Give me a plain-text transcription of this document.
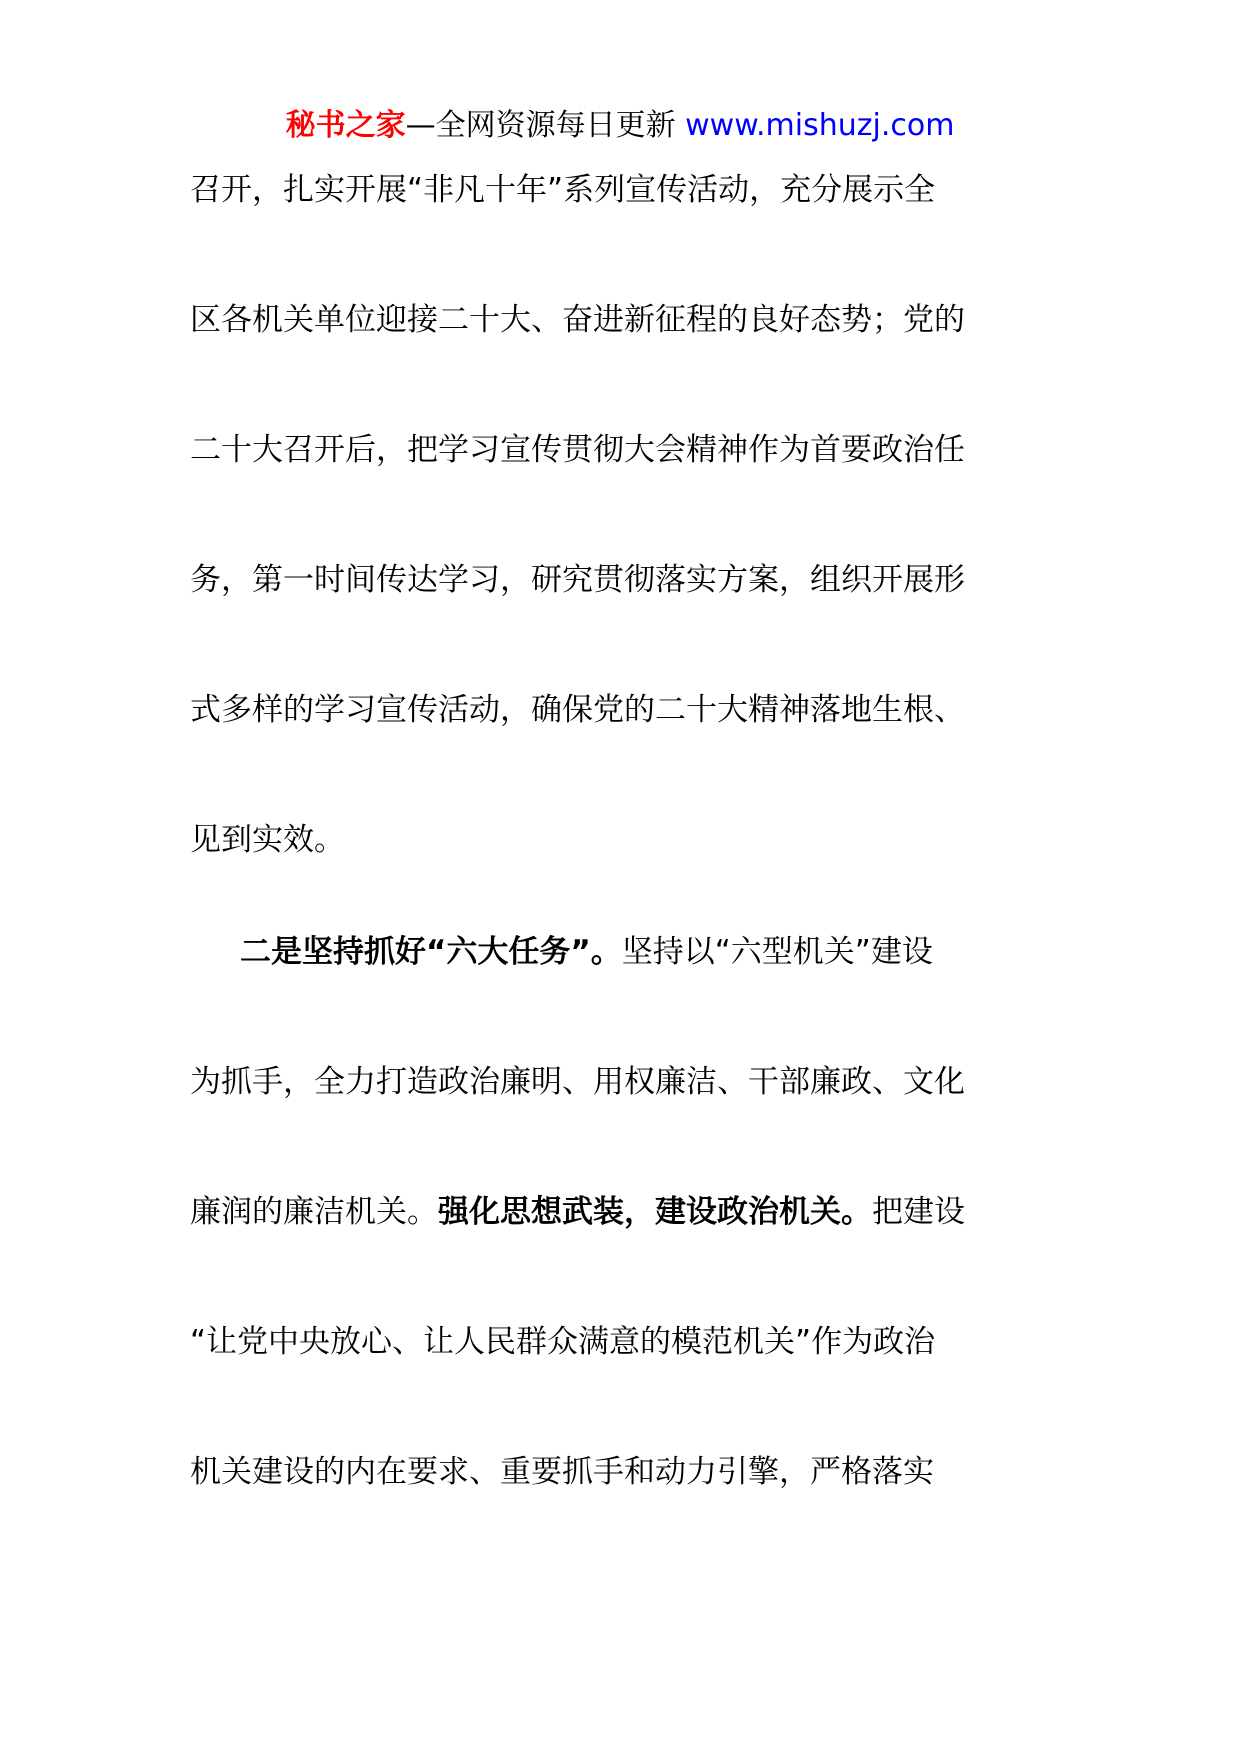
秘书之家—全网资源每日更新 www.mishuzj.com
召开，扎实开展“非凡十年”系列宣传活动，充分展示全
区各机关单位迎接二十大、奋进新征程的良好态势；党的
二十大召开后，把学习宣传贯彻大会精神作为首要政治任
务，第一时间传达学习，研究贯彻落实方案，组织开展形
式多样的学习宣传活动，确保党的二十大精神落地生根、
见到实效。
二是坚持抓好“六大任务”。坚持以“六型机关”建设
为抓手，全力打造政治廉明、用权廉洁、干部廉政、文化
廉润的廉洁机关。强化思想武装，建设政治机关。把建设
“让党中央放心、让人民群众满意的模范机关”作为政治
机关建设的内在要求、重要抓手和动力引擎，严格落实
